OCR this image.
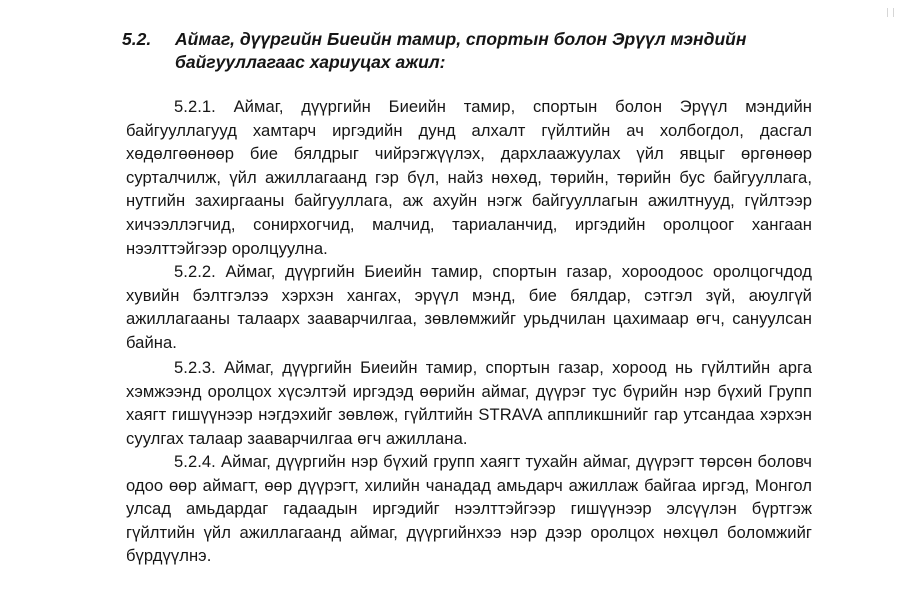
5.2. Аймаг, дүүргийн Биеийн тамир, спортын болон Эрүүл мэндийн байгууллагаас хариуцах ажил:

5.2.1. Аймаг, дүүргийн Биеийн тамир, спортын болон Эрүүл мэндийн байгууллагууд хамтарч иргэдийн дунд алхалт гүйлтийн ач холбогдол, дасгал хөдөлгөөнөөр бие бялдрыг чийрэгжүүлэх, дархлаажуулах үйл явцыг өргөнөөр сурталчилж, үйл ажиллагаанд гэр бүл, найз нөхөд, төрийн, төрийн бус байгууллага, нутгийн захиргааны байгууллага, аж ахуйн нэгж байгууллагын ажилтнууд, гүйлтээр хичээллэгчид, сонирхогчид, малчид, тариаланчид, иргэдийн оролцоог хангаан нээлттэйгээр оролцуулна.

5.2.2. Аймаг, дүүргийн Биеийн тамир, спортын газар, хороодоос оролцогчдод хувийн бэлтгэлээ хэрхэн хангах, эрүүл мэнд, бие бялдар, сэтгэл зүй, аюулгүй ажиллагааны талаарх зааварчилгаа, зөвлөмжийг урьдчилан цахимаар өгч, сануулсан байна.

5.2.3. Аймаг, дүүргийн Биеийн тамир, спортын газар, хороод нь гүйлтийн арга хэмжээнд оролцох хүсэлтэй иргэдэд өөрийн аймаг, дүүрэг тус бүрийн нэр бүхий Групп хаягт гишүүнээр нэгдэхийг зөвлөж, гүйлтийн STRAVA аппликшнийг гар утсандаа хэрхэн суулгах талаар зааварчилгаа өгч ажиллана.

5.2.4. Аймаг, дүүргийн нэр бүхий групп хаягт тухайн аймаг, дүүрэгт төрсөн боловч одоо өөр аймагт, өөр дүүрэгт, хилийн чанадад амьдарч ажиллаж байгаа иргэд, Монгол улсад амьдардаг гадаадын иргэдийг нээлттэйгээр гишүүнээр элсүүлэн бүртгэж гүйлтийн үйл ажиллагаанд аймаг, дүүргийнхээ нэр дээр оролцох нөхцөл боломжийг бүрдүүлнэ.
